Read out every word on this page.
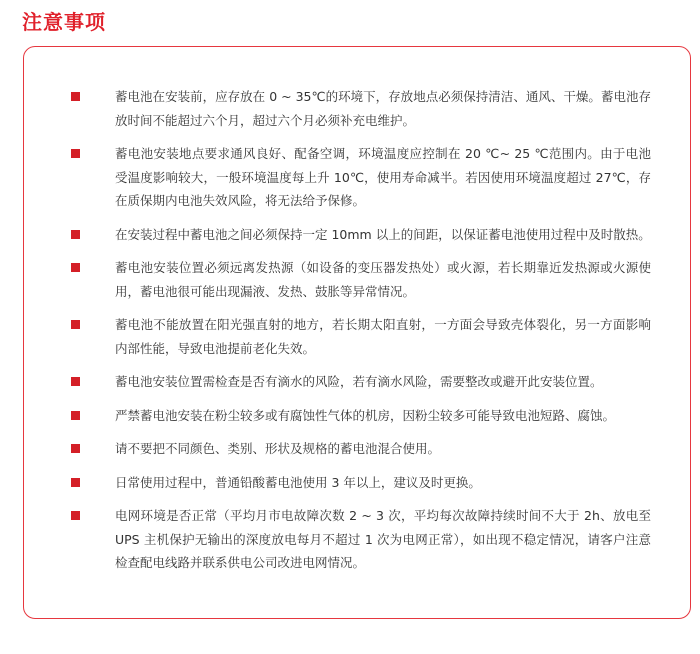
注意事项
蓄电池在安装前，应存放在 0 ~ 35℃的环境下，存放地点必须保持清洁、通风、干燥。蓄电池存放时间不能超过六个月，超过六个月必须补充电维护。
蓄电池安装地点要求通风良好、配备空调，环境温度应控制在 20 ℃~ 25 ℃范围内。由于电池受温度影响较大，一般环境温度每上升 10℃，使用寿命减半。若因使用环境温度超过 27℃，存在质保期内电池失效风险，将无法给予保修。
在安装过程中蓄电池之间必须保持一定 10mm 以上的间距，以保证蓄电池使用过程中及时散热。
蓄电池安装位置必须远离发热源（如设备的变压器发热处）或火源，若长期靠近发热源或火源使用，蓄电池很可能出现漏液、发热、鼓胀等异常情况。
蓄电池不能放置在阳光强直射的地方，若长期太阳直射，一方面会导致壳体裂化，另一方面影响内部性能，导致电池提前老化失效。
蓄电池安装位置需检查是否有滴水的风险，若有滴水风险，需要整改或避开此安装位置。
严禁蓄电池安装在粉尘较多或有腐蚀性气体的机房，因粉尘较多可能导致电池短路、腐蚀。
请不要把不同颜色、类别、形状及规格的蓄电池混合使用。
日常使用过程中，普通铅酸蓄电池使用 3 年以上，建议及时更换。
电网环境是否正常（平均月市电故障次数 2 ~ 3 次，平均每次故障持续时间不大于 2h、放电至 UPS 主机保护无输出的深度放电每月不超过 1 次为电网正常），如出现不稳定情况，请客户注意检查配电线路并联系供电公司改进电网情况。
